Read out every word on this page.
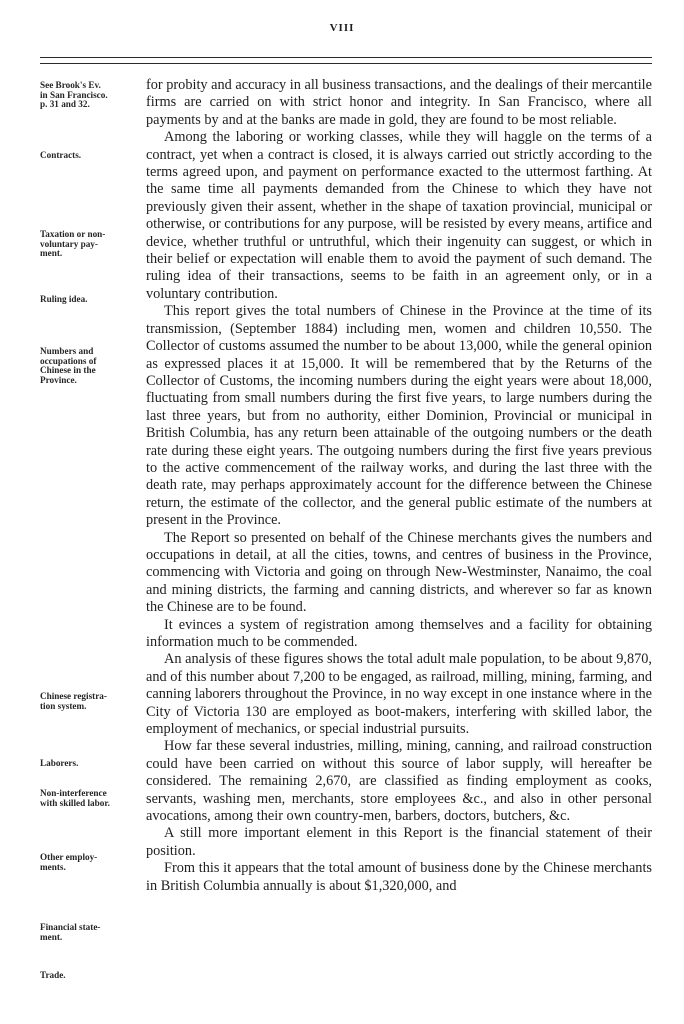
VIII
See Brook's Ev.
in San Francisco.
p. 31 and 32.
Contracts.
Taxation or non-
voluntary pay-
ment.
Ruling idea.
Numbers and
occupations of
Chinese in the
Province.
Chinese registra-
tion system.
Laborers.
Non-interference
with skilled labor.
Other employ-
ments.
Financial state-
ment.
Trade.

for probity and accuracy in all business transactions, and the dealings of their mercantile firms are carried on with strict honor and integrity. In San Francisco, where all payments by and at the banks are made in gold, they are found to be most reliable.

Among the laboring or working classes, while they will haggle on the terms of a contract, yet when a contract is closed, it is always carried out strictly according to the terms agreed upon, and payment on performance exacted to the uttermost farthing. At the same time all payments demanded from the Chinese to which they have not previously given their assent, whether in the shape of taxation provincial, municipal or otherwise, or contributions for any purpose, will be resisted by every means, artifice and device, whether truthful or untruthful, which their ingenuity can suggest, or which in their belief or expectation will enable them to avoid the payment of such demand. The ruling idea of their transactions, seems to be faith in an agreement only, or in a voluntary contribution.

This report gives the total numbers of Chinese in the Province at the time of its transmission, (September 1884) including men, women and children 10,550. The Collector of customs assumed the number to be about 13,000, while the general opinion as expressed places it at 15,000. It will be remembered that by the Returns of the Collector of Customs, the incoming numbers during the eight years were about 18,000, fluctuating from small numbers during the first five years, to large numbers during the last three years, but from no authority, either Dominion, Provincial or municipal in British Columbia, has any return been attainable of the outgoing numbers or the death rate during these eight years. The outgoing numbers during the first five years previous to the active commencement of the railway works, and during the last three with the death rate, may perhaps approximately account for the difference between the Chinese return, the estimate of the collector, and the general public estimate of the numbers at present in the Province.

The Report so presented on behalf of the Chinese merchants gives the numbers and occupations in detail, at all the cities, towns, and centres of business in the Province, commencing with Victoria and going on through New-Westminster, Nanaimo, the coal and mining districts, the farming and canning districts, and wherever so far as known the Chinese are to be found.

It evinces a system of registration among themselves and a facility for obtaining information much to be commended.

An analysis of these figures shows the total adult male population, to be about 9,870, and of this number about 7,200 to be engaged, as railroad, milling, mining, farming, and canning laborers throughout the Province, in no way except in one instance where in the City of Victoria 130 are employed as boot-makers, interfering with skilled labor, the employment of mechanics, or special industrial pursuits.

How far these several industries, milling, mining, canning, and railroad construction could have been carried on without this source of labor supply, will hereafter be considered. The remaining 2,670, are classified as finding employment as cooks, servants, washing men, merchants, store employees &c., and also in other personal avocations, among their own country-men, barbers, doctors, butchers, &c.

A still more important element in this Report is the financial statement of their position.

From this it appears that the total amount of business done by the Chinese merchants in British Columbia annually is about $1,320,000, and
